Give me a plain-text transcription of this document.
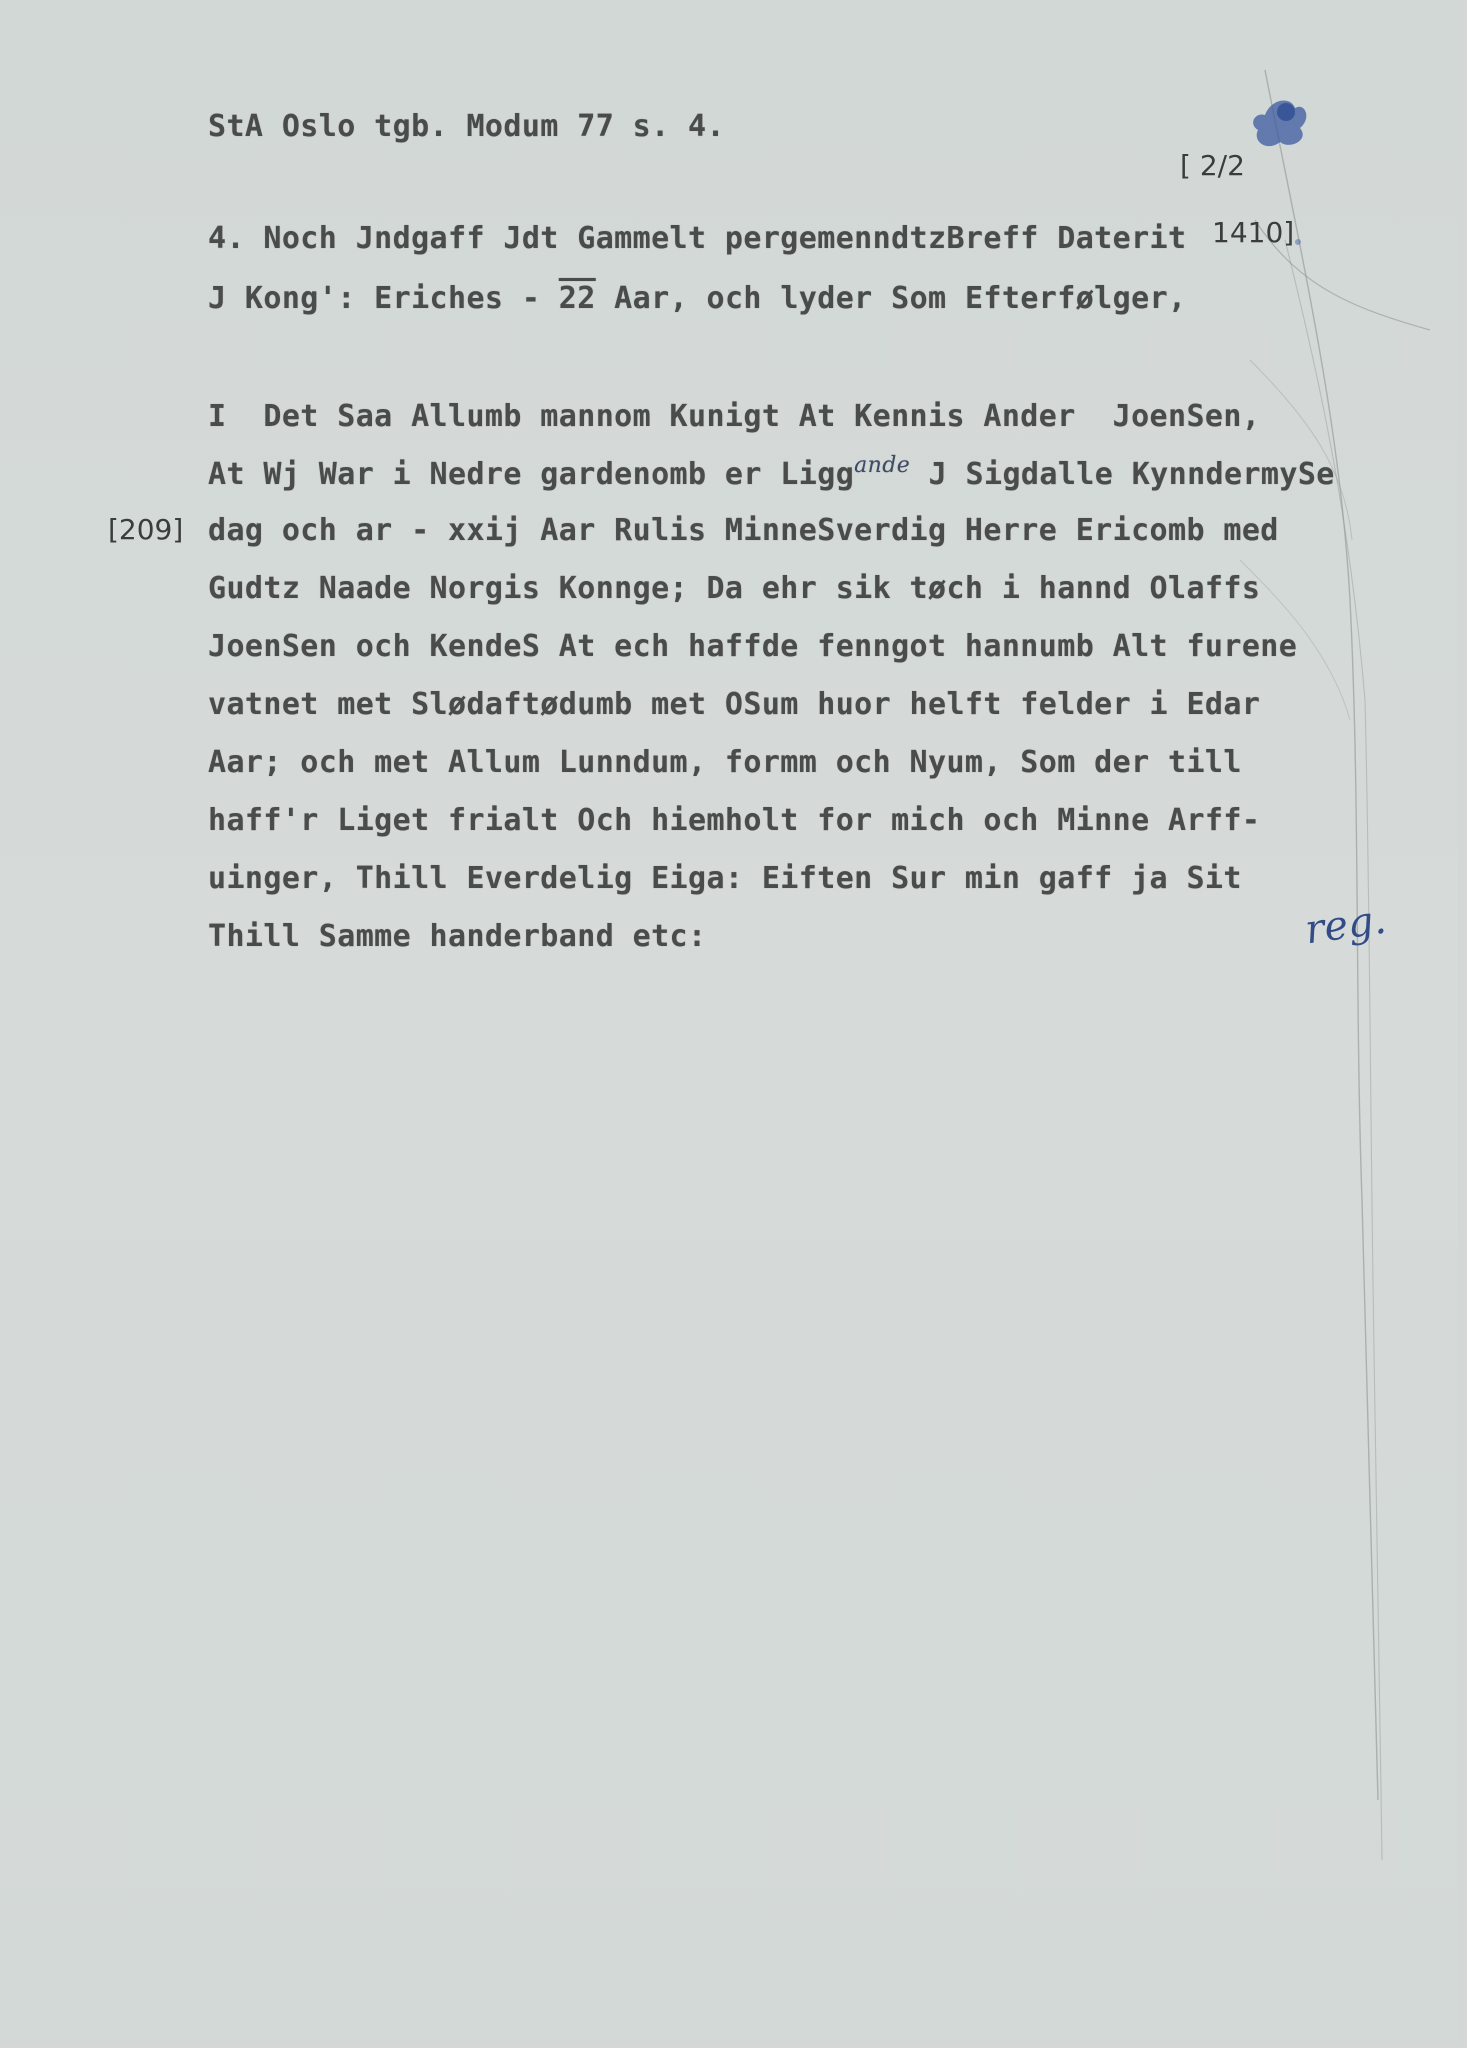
StA Oslo tgb. Modum 77 s. 4.
[ 2/2
1410]
4. Noch Jndgaff Jdt Gammelt pergemenndtzBreff Daterit
J Kong': Eriches - 22 Aar, och lyder Som Efterfølger,
I  Det Saa Allumb mannom Kunigt At Kennis Ander  JoenSen,
At Wj War i Nedre gardenomb er Ligg$^{ande}$ J Sigdalle KynndermySe
[209] dag och ar - xxij Aar Rulis MinneSverdig Herre Ericomb med
Gudtz Naade Norgis Konnge; Da ehr sik tøch i hannd Olaffs
JoenSen och KendeS At ech haffde fenngot hannumb Alt furene
vatnet met Slødaftødumb met OSum huor helft felder i Edar
Aar; och met Allum Lunndum, formm och Nyum, Som der till
haff'r Liget frialt Och hiemholt for mich och Minne Arff-
uinger, Thill Everdelig Eiga: Eiften Sur min gaff ja Sit
Thill Samme handerband etc:	reg.
